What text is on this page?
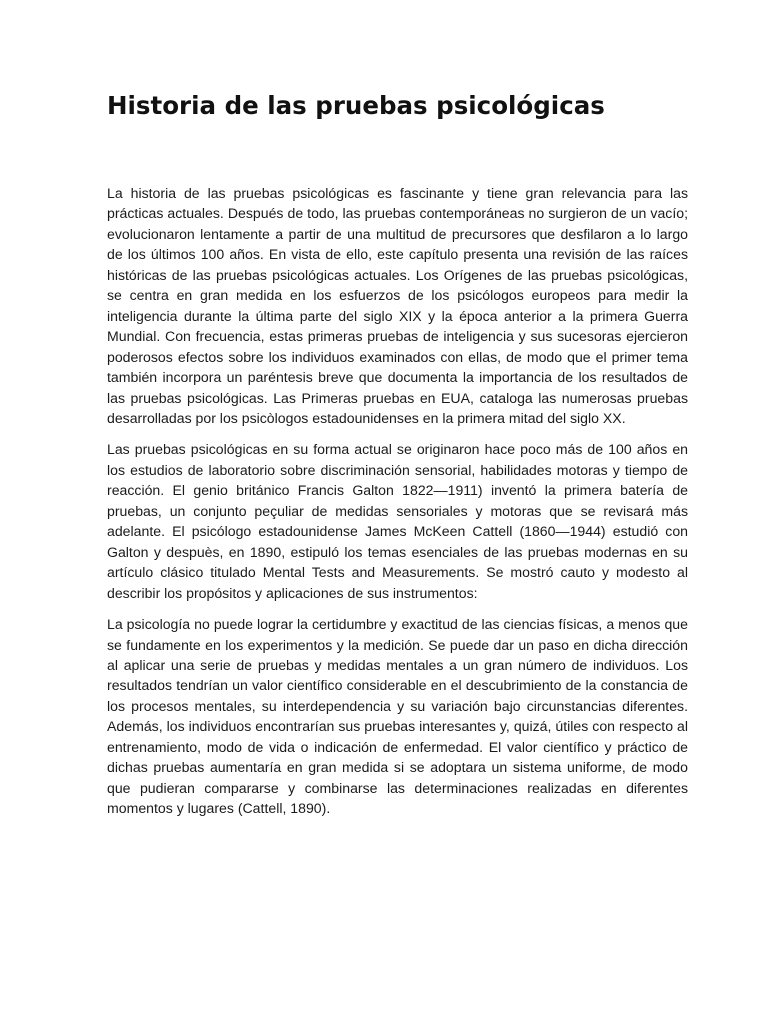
Historia de las pruebas psicológicas

La historia de las pruebas psicológicas es fascinante y tiene gran relevancia para las prácticas actuales. Después de todo, las pruebas contemporáneas no surgieron de un vacío; evolucionaron lentamente a partir de una multitud de precursores que desfilaron a lo largo de los últimos 100 años. En vista de ello, este capítulo presenta una revisión de las raíces históricas de las pruebas psicológicas actuales. Los Orígenes de las pruebas psicológicas, se centra en gran medida en los esfuerzos de los psicólogos europeos para medir la inteligencia durante la última parte del siglo XIX y la época anterior a la primera Guerra Mundial. Con frecuencia, estas primeras pruebas de inteligencia y sus sucesoras ejercieron poderosos efectos sobre los individuos examinados con ellas, de modo que el primer tema también incorpora un paréntesis breve que documenta la importancia de los resultados de las pruebas psicológicas. Las Primeras pruebas en EUA, cataloga las numerosas pruebas desarrolladas por los psicòlogos estadounidenses en la primera mitad del siglo XX.

Las pruebas psicológicas en su forma actual se originaron hace poco más de 100 años en los estudios de laboratorio sobre discriminación sensorial, habilidades motoras y tiempo de reacción. El genio británico Francis Galton 1822—1911) inventó la primera batería de pruebas, un conjunto peçuliar de medidas sensoriales y motoras que se revisará más adelante. El psicólogo estadounidense James McKeen Cattell (1860—1944) estudió con Galton y despuès, en 1890, estipuló los temas esenciales de las pruebas modernas en su artículo clásico titulado Mental Tests and Measurements. Se mostró cauto y modesto al describir los propósitos y aplicaciones de sus instrumentos:

La psicología no puede lograr la certidumbre y exactitud de las ciencias físicas, a menos que se fundamente en los experimentos y la medición. Se puede dar un paso en dicha dirección al aplicar una serie de pruebas y medidas mentales a un gran número de individuos. Los resultados tendrían un valor científico considerable en el descubrimiento de la constancia de los procesos mentales, su interdependencia y su variación bajo circunstancias diferentes. Además, los individuos encontrarían sus pruebas interesantes y, quizá, útiles con respecto al entrenamiento, modo de vida o indicación de enfermedad. El valor científico y práctico de dichas pruebas aumentaría en gran medida si se adoptara un sistema uniforme, de modo que pudieran compararse y combinarse las determinaciones realizadas en diferentes momentos y lugares (Cattell, 1890).
